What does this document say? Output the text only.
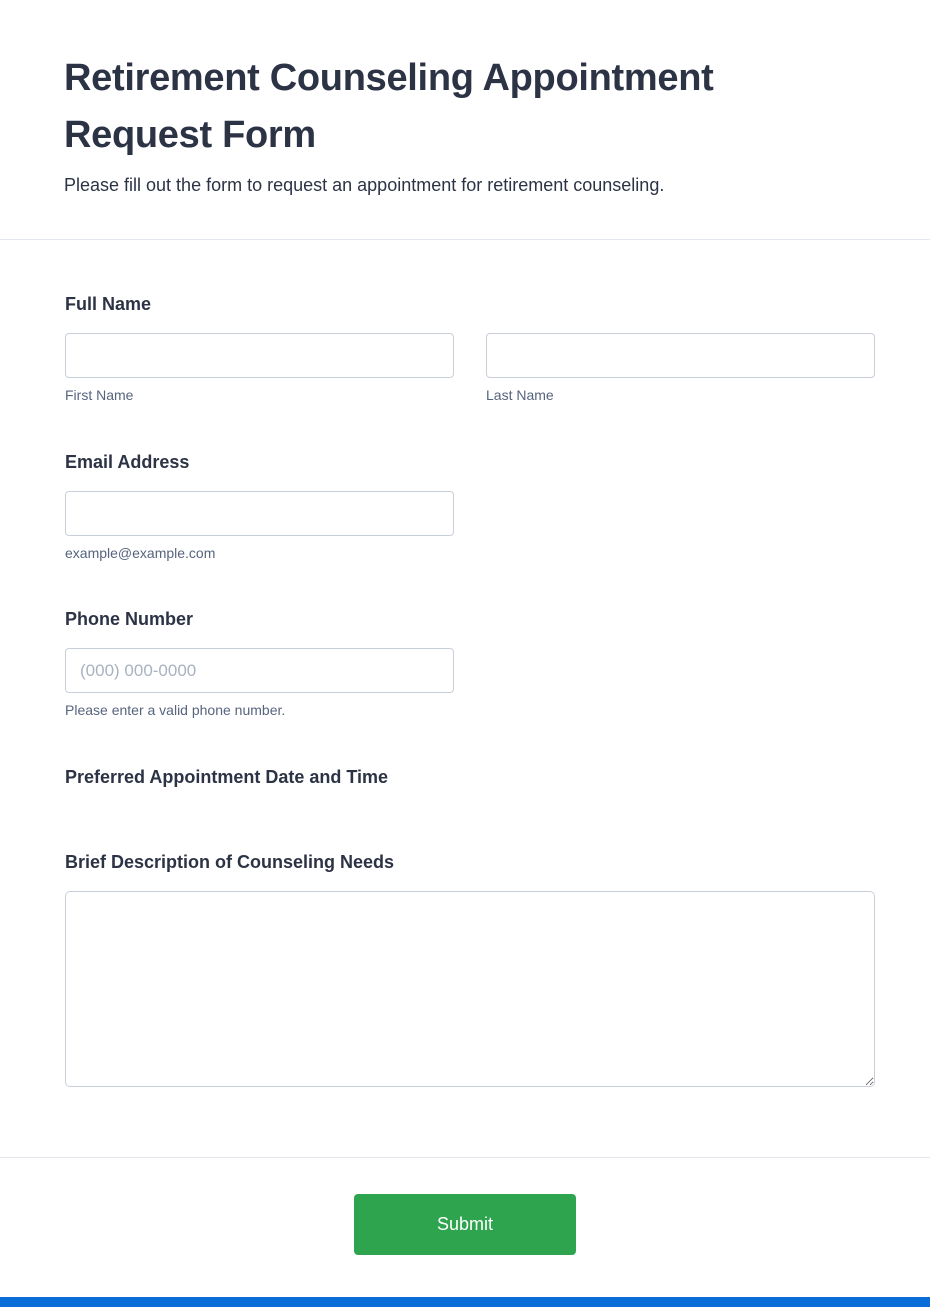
Retirement Counseling Appointment Request Form

Please fill out the form to request an appointment for retirement counseling.

Full Name
First Name	Last Name
Email Address
example@example.com
Phone Number
(000) 000-0000
Please enter a valid phone number.
Preferred Appointment Date and Time
Brief Description of Counseling Needs
Submit
